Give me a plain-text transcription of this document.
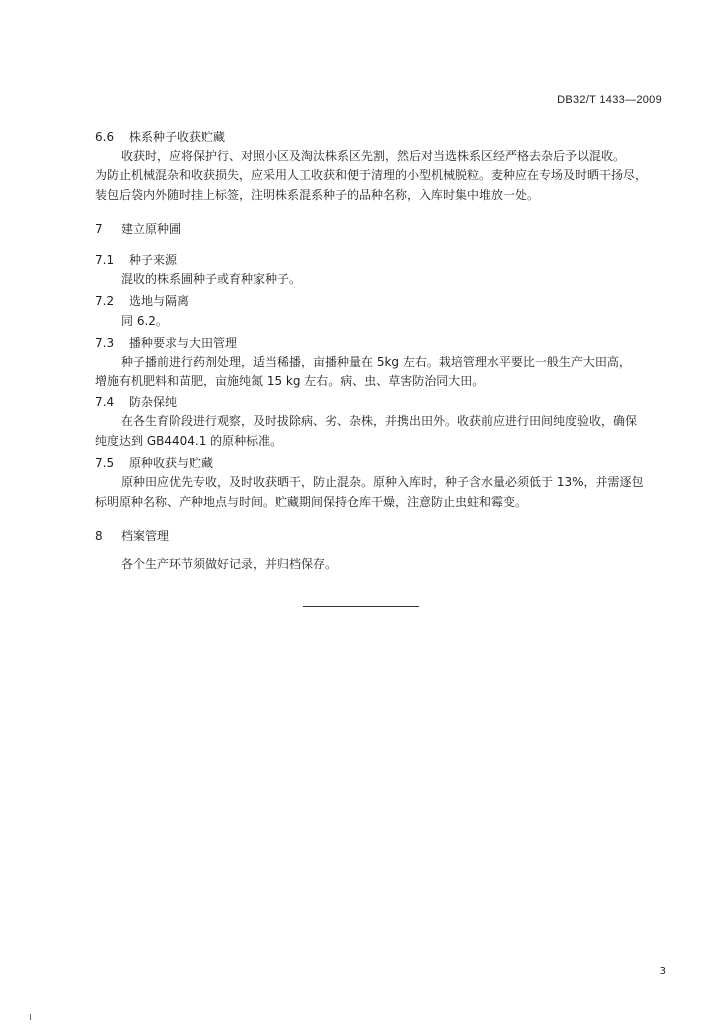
DB32/T 1433—2009
6.6 株系种子收获贮藏
收获时，应将保护行、对照小区及淘汰株系区先割，然后对当选株系区经严格去杂后予以混收。
为防止机械混杂和收获损失，应采用人工收获和便于清理的小型机械脱粒。麦种应在专场及时晒干扬尽，
装包后袋内外随时挂上标签，注明株系混系种子的品种名称，入库时集中堆放一处。
7 建立原种圃
7.1 种子来源
混收的株系圃种子或育种家种子。
7.2 选地与隔离
同 6.2。
7.3 播种要求与大田管理
种子播前进行药剂处理，适当稀播，亩播种量在 5kg 左右。栽培管理水平要比一般生产大田高，
增施有机肥料和苗肥，亩施纯氮 15 kg 左右。病、虫、草害防治同大田。
7.4 防杂保纯
在各生育阶段进行观察，及时拔除病、劣、杂株，并携出田外。收获前应进行田间纯度验收，确保
纯度达到 GB4404.1 的原种标准。
7.5 原种收获与贮藏
原种田应优先专收，及时收获晒干，防止混杂。原种入库时，种子含水量必须低于 13%，并需逐包
标明原种名称、产种地点与时间。贮藏期间保持仓库干燥，注意防止虫蛀和霉变。
8 档案管理
各个生产环节须做好记录，并归档保存。
3
